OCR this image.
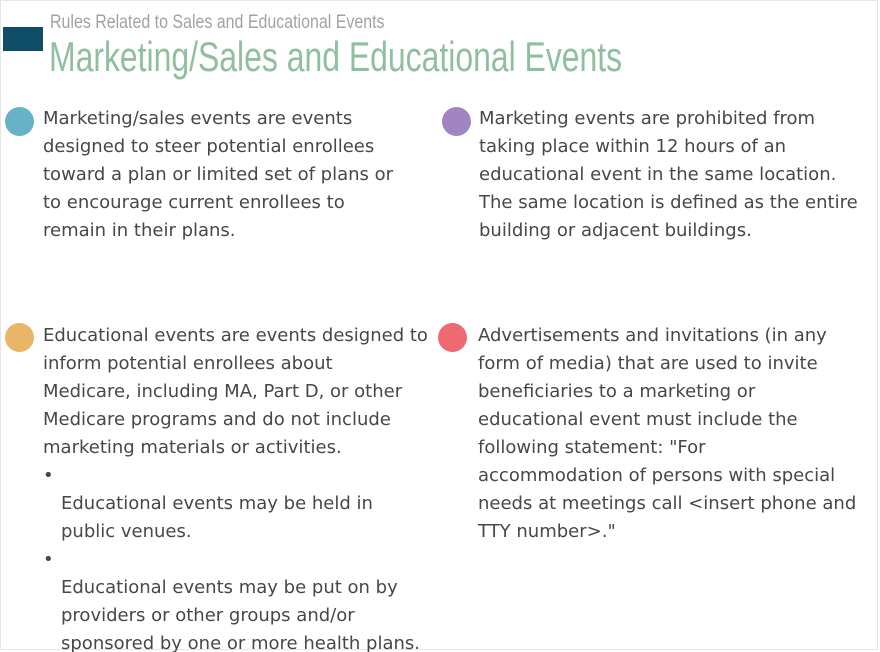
Rules Related to Sales and Educational Events
Marketing/Sales and Educational Events

Marketing/sales events are events
designed to steer potential enrollees
toward a plan or limited set of plans or
to encourage current enrollees to
remain in their plans.

Marketing events are prohibited from
taking place within 12 hours of an
educational event in the same location.
The same location is defined as the entire
building or adjacent buildings.

Educational events are events designed to
inform potential enrollees about
Medicare, including MA, Part D, or other
Medicare programs and do not include
marketing materials or activities.

•
Educational events may be held in
public venues.

•
Educational events may be put on by
providers or other groups and/or
sponsored by one or more health plans.

Advertisements and invitations (in any
form of media) that are used to invite
beneficiaries to a marketing or
educational event must include the
following statement: "For
accommodation of persons with special
needs at meetings call <insert phone and
TTY number>."
